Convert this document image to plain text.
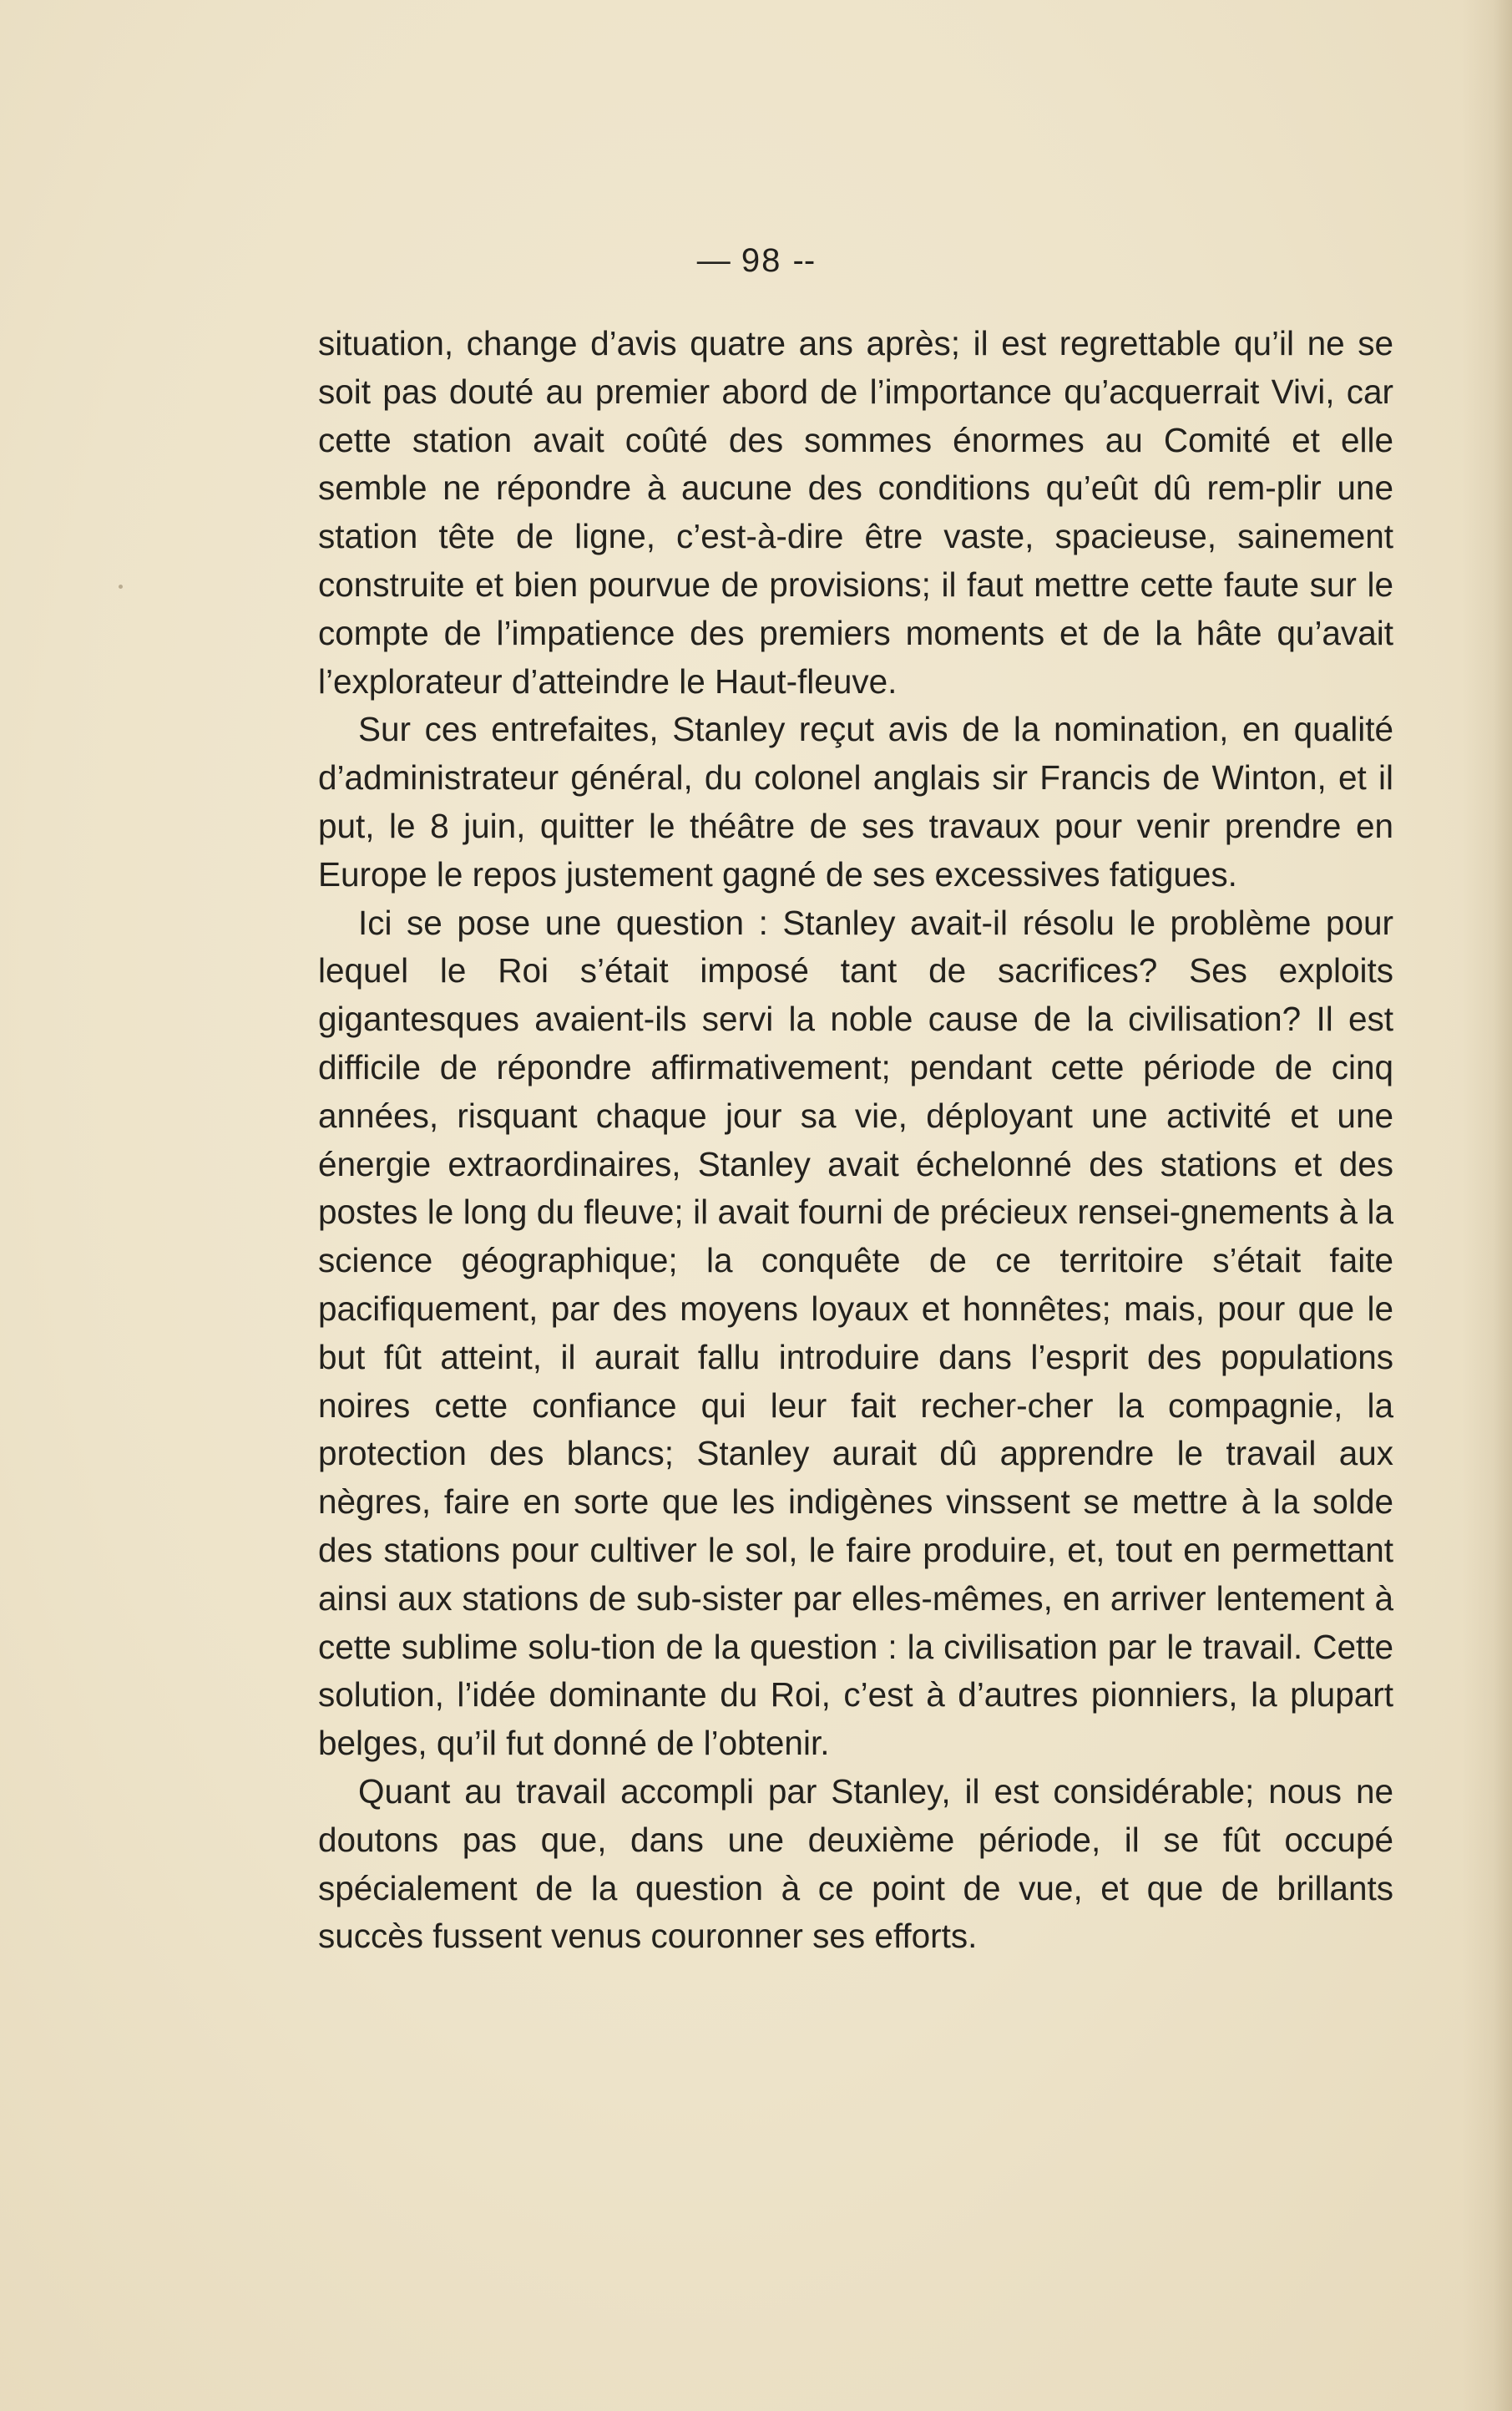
— 98 --

situation, change d’avis quatre ans après; il est regrettable qu’il ne se soit pas douté au premier abord de l’importance qu’acquerrait Vivi, car cette station avait coûté des sommes énormes au Comité et elle semble ne répondre à aucune des conditions qu’eût dû rem-plir une station tête de ligne, c’est-à-dire être vaste, spacieuse, sainement construite et bien pourvue de provisions; il faut mettre cette faute sur le compte de l’impatience des premiers moments et de la hâte qu’avait l’explorateur d’atteindre le Haut-fleuve.

Sur ces entrefaites, Stanley reçut avis de la nomination, en qualité d’administrateur général, du colonel anglais sir Francis de Winton, et il put, le 8 juin, quitter le théâtre de ses travaux pour venir prendre en Europe le repos justement gagné de ses excessives fatigues.

Ici se pose une question : Stanley avait-il résolu le problème pour lequel le Roi s’était imposé tant de sacrifices? Ses exploits gigantesques avaient-ils servi la noble cause de la civilisation? Il est difficile de répondre affirmativement; pendant cette période de cinq années, risquant chaque jour sa vie, déployant une activité et une énergie extraordinaires, Stanley avait échelonné des stations et des postes le long du fleuve; il avait fourni de précieux rensei-gnements à la science géographique; la conquête de ce territoire s’était faite pacifiquement, par des moyens loyaux et honnêtes; mais, pour que le but fût atteint, il aurait fallu introduire dans l’esprit des populations noires cette confiance qui leur fait recher-cher la compagnie, la protection des blancs; Stanley aurait dû apprendre le travail aux nègres, faire en sorte que les indigènes vinssent se mettre à la solde des stations pour cultiver le sol, le faire produire, et, tout en permettant ainsi aux stations de sub-sister par elles-mêmes, en arriver lentement à cette sublime solu-tion de la question : la civilisation par le travail. Cette solution, l’idée dominante du Roi, c’est à d’autres pionniers, la plupart belges, qu’il fut donné de l’obtenir.

Quant au travail accompli par Stanley, il est considérable; nous ne doutons pas que, dans une deuxième période, il se fût occupé spécialement de la question à ce point de vue, et que de brillants succès fussent venus couronner ses efforts.
